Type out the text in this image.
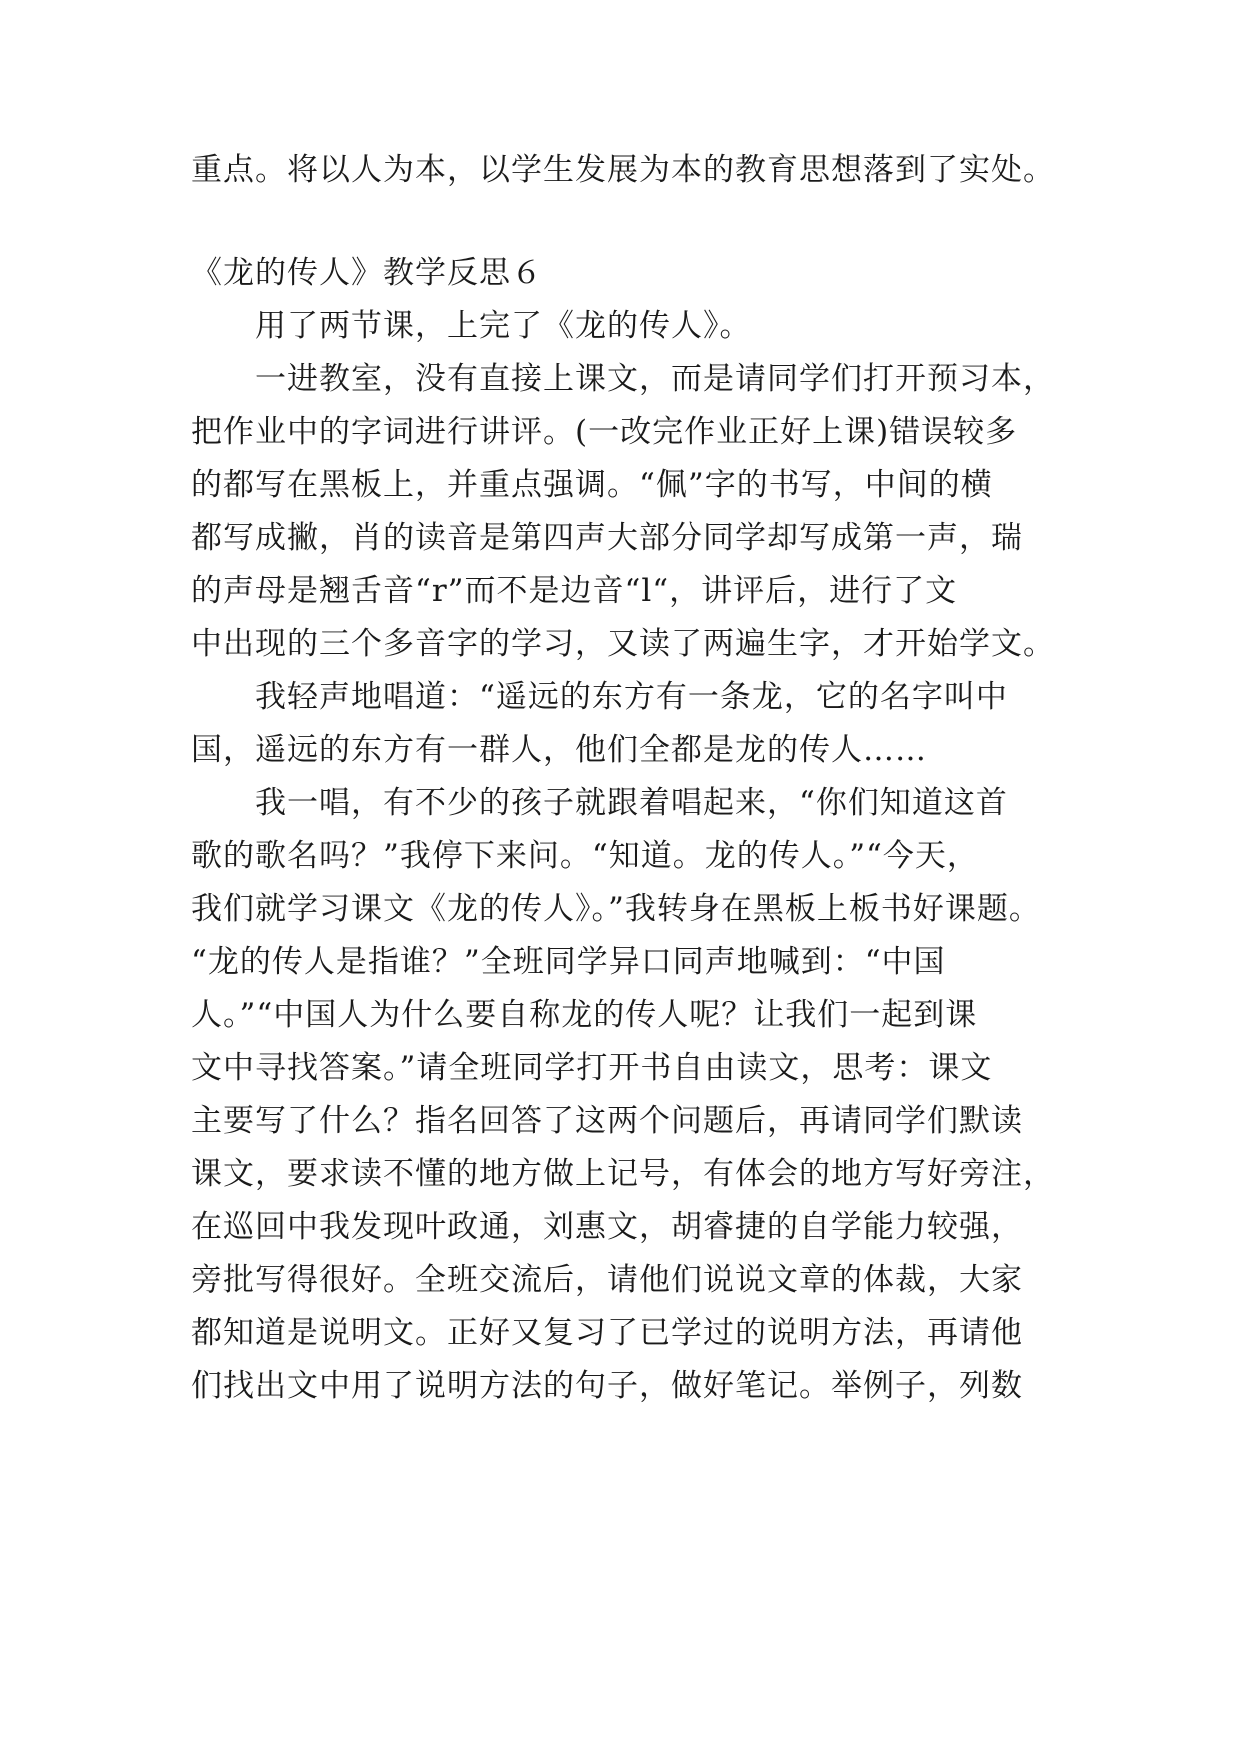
重点。将以人为本，以学生发展为本的教育思想落到了实处。
《龙的传人》教学反思６
　　用了两节课，上完了《龙的传人》。
　　一进教室，没有直接上课文，而是请同学们打开预习本，
把作业中的字词进行讲评。(一改完作业正好上课)错误较多
的都写在黑板上，并重点强调。“佩”字的书写，中间的横
都写成撇，肖的读音是第四声大部分同学却写成第一声，瑞
的声母是翘舌音“r”而不是边音“l“，讲评后，进行了文
中出现的三个多音字的学习，又读了两遍生字，才开始学文。
　　我轻声地唱道：“遥远的东方有一条龙，它的名字叫中
国，遥远的东方有一群人，他们全都是龙的传人……
　　我一唱，有不少的孩子就跟着唱起来，“你们知道这首
歌的歌名吗？”我停下来问。“知道。龙的传人。”“今天，
我们就学习课文《龙的传人》。”我转身在黑板上板书好课题。
“龙的传人是指谁？”全班同学异口同声地喊到：“中国
人。”“中国人为什么要自称龙的传人呢？让我们一起到课
文中寻找答案。”请全班同学打开书自由读文，思考：课文
主要写了什么？指名回答了这两个问题后，再请同学们默读
课文，要求读不懂的地方做上记号，有体会的地方写好旁注，
在巡回中我发现叶政通，刘惠文，胡睿捷的自学能力较强，
旁批写得很好。全班交流后，请他们说说文章的体裁，大家
都知道是说明文。正好又复习了已学过的说明方法，再请他
们找出文中用了说明方法的句子，做好笔记。举例子，列数
